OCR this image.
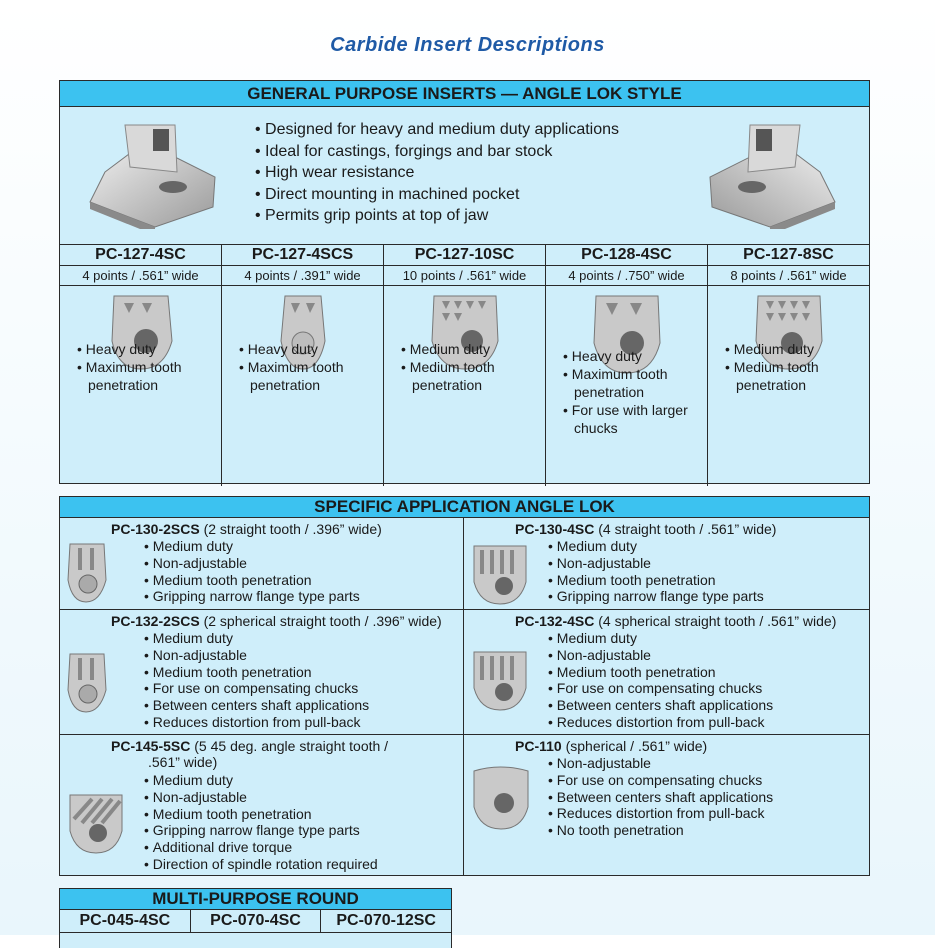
Carbide Insert Descriptions
GENERAL PURPOSE INSERTS — ANGLE LOK STYLE
• Designed for heavy and medium duty applications
• Ideal for castings, forgings and bar stock
• High wear resistance
• Direct mounting in machined pocket
• Permits grip points at top of jaw
PC-127-4SC
4 points / .561” wide
• Heavy duty
• Maximum tooth penetration
PC-127-4SCS
4 points / .391” wide
• Heavy duty
• Maximum tooth penetration
PC-127-10SC
10 points / .561” wide
• Medium duty
• Medium tooth penetration
PC-128-4SC
4 points / .750” wide
• Heavy duty
• Maximum tooth penetration
• For use with larger chucks
PC-127-8SC
8 points / .561” wide
• Medium duty
• Medium tooth penetration
SPECIFIC APPLICATION ANGLE LOK
PC-130-2SCS (2 straight tooth / .396” wide)
• Medium duty
• Non-adjustable
• Medium tooth penetration
• Gripping narrow flange type parts
PC-130-4SC (4 straight tooth / .561” wide)
• Medium duty
• Non-adjustable
• Medium tooth penetration
• Gripping narrow flange type parts
PC-132-2SCS (2 spherical straight tooth / .396” wide)
• Medium duty
• Non-adjustable
• Medium tooth penetration
• For use on compensating chucks
• Between centers shaft applications
• Reduces distortion from pull-back
PC-132-4SC (4 spherical straight tooth / .561” wide)
• Medium duty
• Non-adjustable
• Medium tooth penetration
• For use on compensating chucks
• Between centers shaft applications
• Reduces distortion from pull-back
PC-145-5SC (5 45 deg. angle straight tooth /
.561” wide)
• Medium duty
• Non-adjustable
• Medium tooth penetration
• Gripping narrow flange type parts
• Additional drive torque
• Direction of spindle rotation required
PC-110 (spherical / .561” wide)
• Non-adjustable
• For use on compensating chucks
• Between centers shaft applications
• Reduces distortion from pull-back
• No tooth penetration
MULTI-PURPOSE ROUND
PC-045-4SC	PC-070-4SC	PC-070-12SC
